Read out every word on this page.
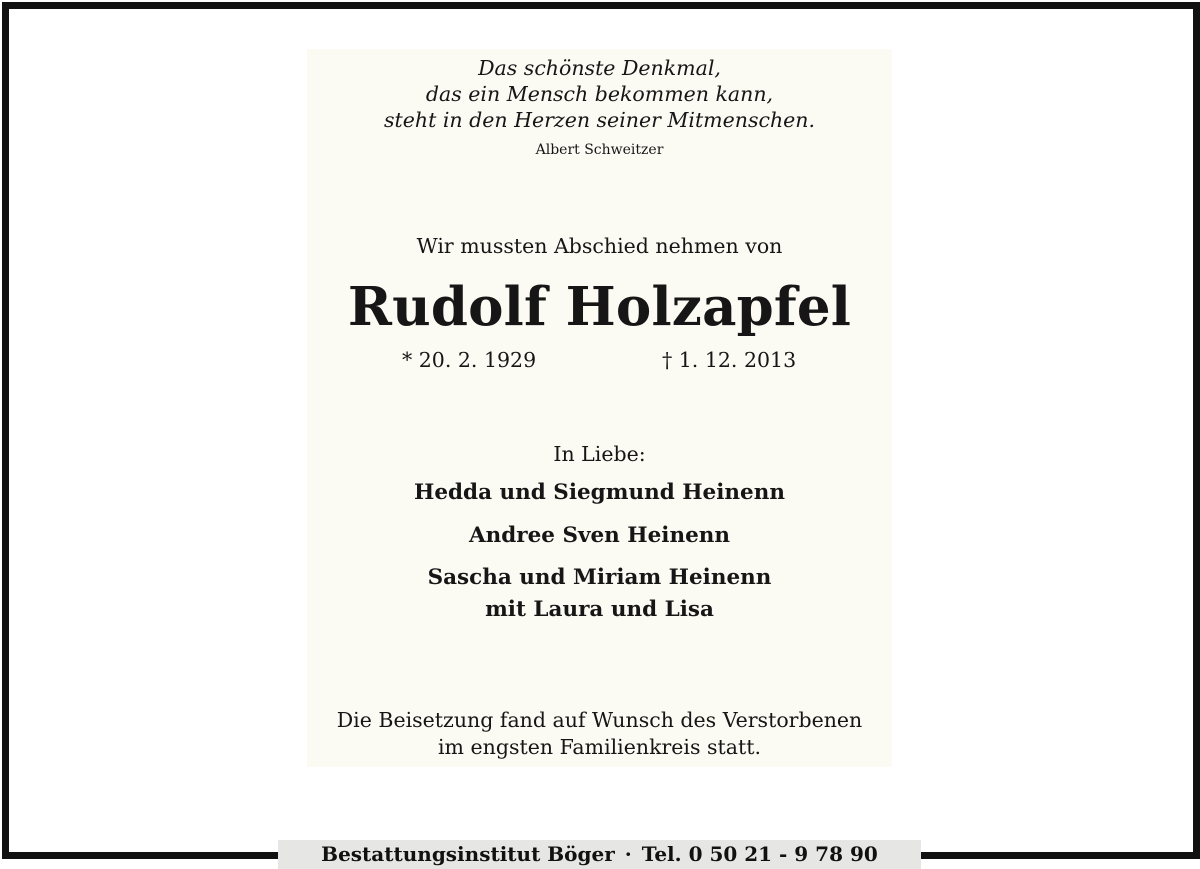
Das schönste Denkmal,
das ein Mensch bekommen kann,
steht in den Herzen seiner Mitmenschen.
Albert Schweitzer
Wir mussten Abschied nehmen von
Rudolf Holzapfel
* 20. 2. 1929	† 1. 12. 2013
In Liebe:
Hedda und Siegmund Heinenn
Andree Sven Heinenn
Sascha und Miriam Heinenn
mit Laura und Lisa
Die Beisetzung fand auf Wunsch des Verstorbenen
im engsten Familienkreis statt.
Bestattungsinstitut Böger · Tel. 0 50 21 - 9 78 90
